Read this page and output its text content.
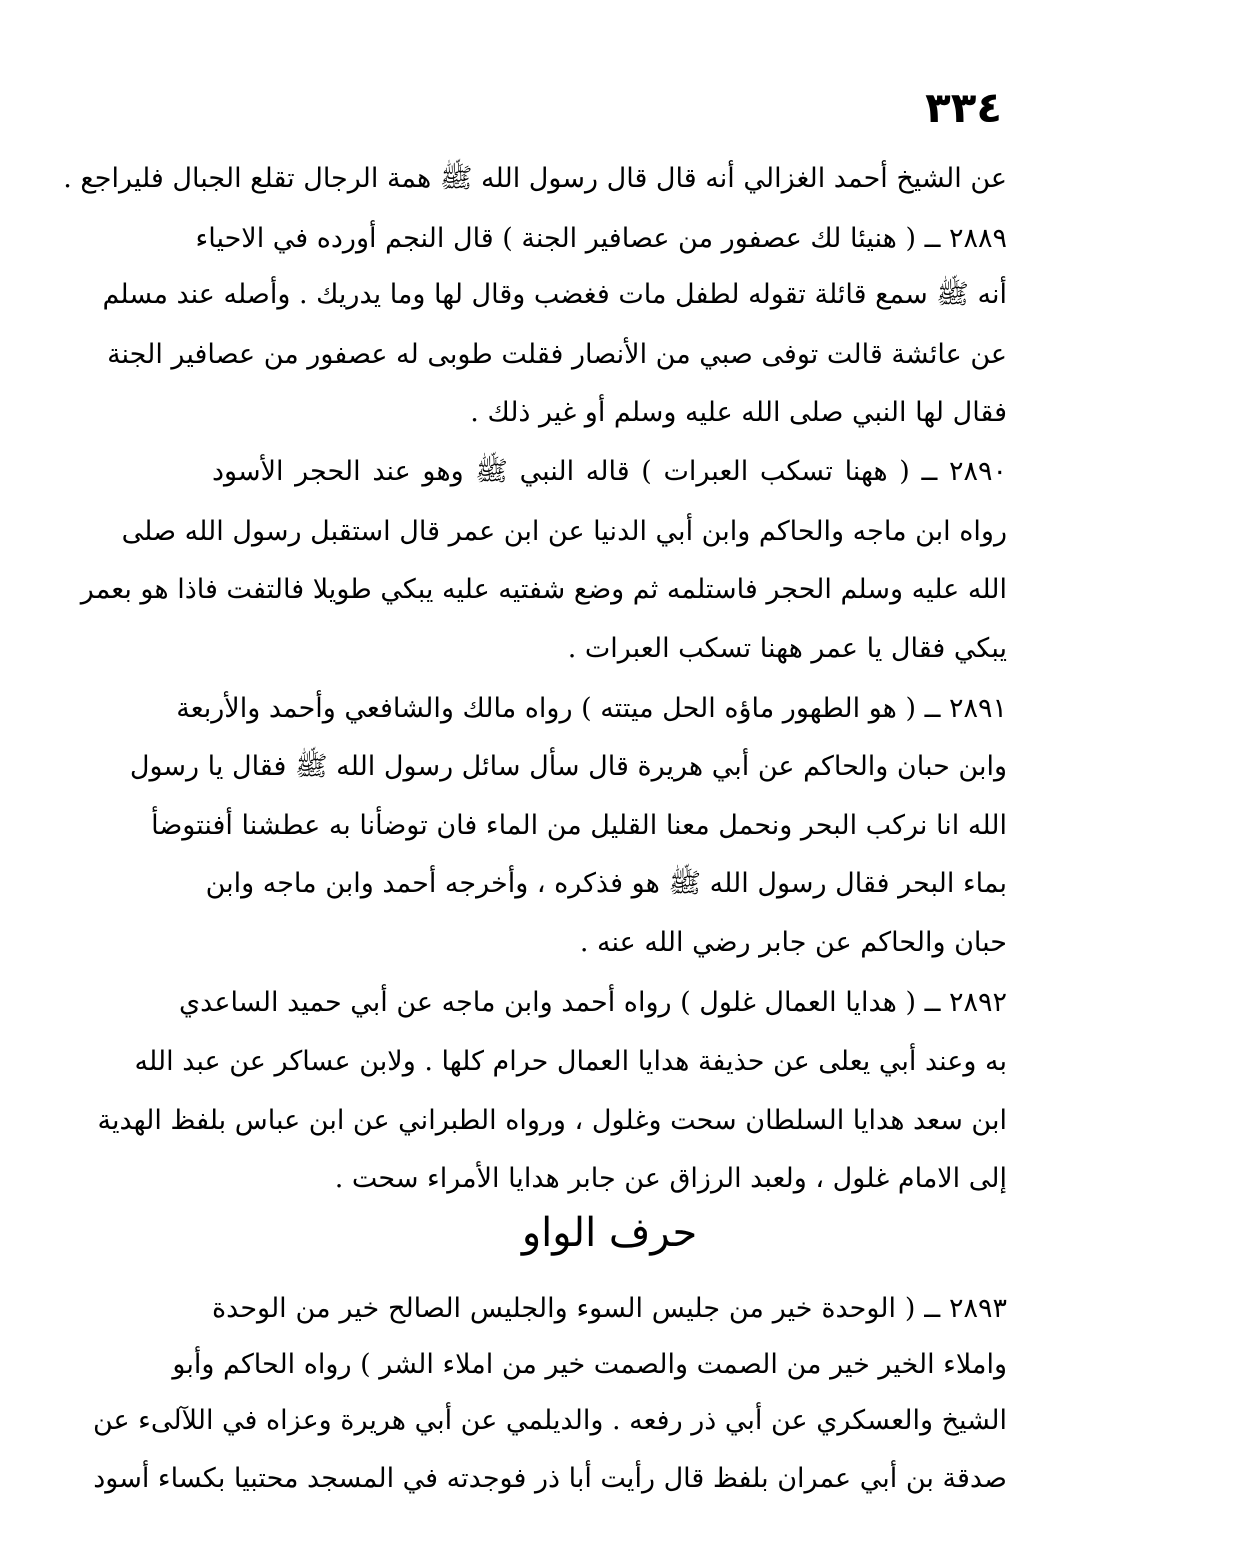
٣٣٤
عن الشيخ أحمد الغزالي أنه قال قال رسول الله ﷺ همة الرجال تقلع الجبال فليراجع .
٢٨٨٩ ــ ( هنيئا لك عصفور من عصافير الجنة ) قال النجم أورده في الاحياء
أنه ﷺ سمع قائلة تقوله لطفل مات فغضب وقال لها وما يدريك . وأصله عند مسلم
عن عائشة قالت توفى صبي من الأنصار فقلت طوبى له عصفور من عصافير الجنة
فقال لها النبي صلى الله عليه وسلم أو غير ذلك .
٢٨٩٠ ــ ( ههنا تسكب العبرات ) قاله النبي ﷺ وهو عند الحجر الأسود
رواه ابن ماجه والحاكم وابن أبي الدنيا عن ابن عمر قال استقبل رسول الله صلى
الله عليه وسلم الحجر فاستلمه ثم وضع شفتيه عليه يبكي طويلا فالتفت فاذا هو بعمر
يبكي فقال يا عمر ههنا تسكب العبرات .
٢٨٩١ ــ ( هو الطهور ماؤه الحل ميتته ) رواه مالك والشافعي وأحمد والأربعة
وابن حبان والحاكم عن أبي هريرة قال سأل سائل رسول الله ﷺ فقال يا رسول
الله انا نركب البحر ونحمل معنا القليل من الماء فان توضأنا به عطشنا أفنتوضأ
بماء البحر فقال رسول الله ﷺ هو فذكره ، وأخرجه أحمد وابن ماجه وابن
حبان والحاكم عن جابر رضي الله عنه .
٢٨٩٢ ــ ( هدايا العمال غلول ) رواه أحمد وابن ماجه عن أبي حميد الساعدي
به وعند أبي يعلى عن حذيفة هدايا العمال حرام كلها . ولابن عساكر عن عبد الله
ابن سعد هدايا السلطان سحت وغلول ، ورواه الطبراني عن ابن عباس بلفظ الهدية
إلى الامام غلول ، ولعبد الرزاق عن جابر هدايا الأمراء سحت .
حرف الواو
٢٨٩٣ ــ ( الوحدة خير من جليس السوء والجليس الصالح خير من الوحدة
واملاء الخير خير من الصمت والصمت خير من املاء الشر ) رواه الحاكم وأبو
الشيخ والعسكري عن أبي ذر رفعه . والديلمي عن أبي هريرة وعزاه في اللآلىء عن
صدقة بن أبي عمران بلفظ قال رأيت أبا ذر فوجدته في المسجد محتبيا بكساء أسود
